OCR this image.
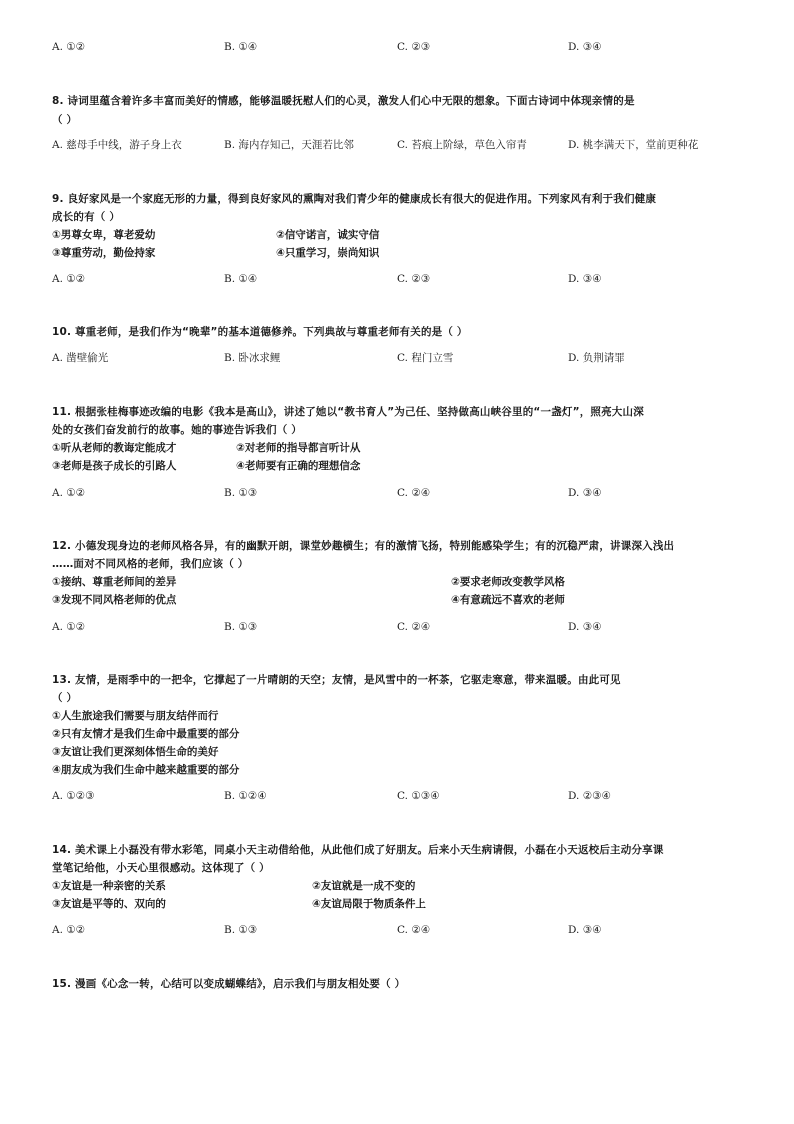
A. ①②	B. ①④	C. ②③	D. ③④
8. 诗词里蕴含着许多丰富而美好的情感，能够温暖抚慰人们的心灵，激发人们心中无限的想象。下面古诗词中体现亲情的是
（ ）
A. 慈母手中线，游子身上衣	B. 海内存知己，天涯若比邻	C. 苔痕上阶绿，草色入帘青	D. 桃李满天下，堂前更种花
9. 良好家风是一个家庭无形的力量，得到良好家风的熏陶对我们青少年的健康成长有很大的促进作用。下列家风有利于我们健康
成长的有（ ）
①男尊女卑，尊老爱幼	②信守诺言，诚实守信
③尊重劳动，勤俭持家	④只重学习，崇尚知识
A. ①②	B. ①④	C. ②③	D. ③④
10. 尊重老师，是我们作为“晚辈”的基本道德修养。下列典故与尊重老师有关的是（ ）
A. 凿壁偷光	B. 卧冰求鲤	C. 程门立雪	D. 负荆请罪
11. 根据张桂梅事迹改编的电影《我本是高山》，讲述了她以“教书育人”为己任、坚持做高山峡谷里的“一盏灯”，照亮大山深
处的女孩们奋发前行的故事。她的事迹告诉我们（ ）
①听从老师的教诲定能成才	②对老师的指导都言听计从
③老师是孩子成长的引路人	④老师要有正确的理想信念
A. ①②	B. ①③	C. ②④	D. ③④
12. 小德发现身边的老师风格各异，有的幽默开朗，课堂妙趣横生；有的激情飞扬，特别能感染学生；有的沉稳严肃，讲课深入浅出
……面对不同风格的老师，我们应该（ ）
①接纳、尊重老师间的差异	②要求老师改变教学风格
③发现不同风格老师的优点	④有意疏远不喜欢的老师
A. ①②	B. ①③	C. ②④	D. ③④
13. 友情，是雨季中的一把伞，它撑起了一片晴朗的天空；友情，是风雪中的一杯茶，它驱走寒意，带来温暖。由此可见
（ ）
①人生旅途我们需要与朋友结伴而行
②只有友情才是我们生命中最重要的部分
③友谊让我们更深刻体悟生命的美好
④朋友成为我们生命中越来越重要的部分
A. ①②③	B. ①②④	C. ①③④	D. ②③④
14. 美术课上小磊没有带水彩笔，同桌小天主动借给他，从此他们成了好朋友。后来小天生病请假，小磊在小天返校后主动分享课
堂笔记给他，小天心里很感动。这体现了（ ）
①友谊是一种亲密的关系	②友谊就是一成不变的
③友谊是平等的、双向的	④友谊局限于物质条件上
A. ①②	B. ①③	C. ②④	D. ③④
15. 漫画《心念一转，心结可以变成蝴蝶结》，启示我们与朋友相处要（ ）
